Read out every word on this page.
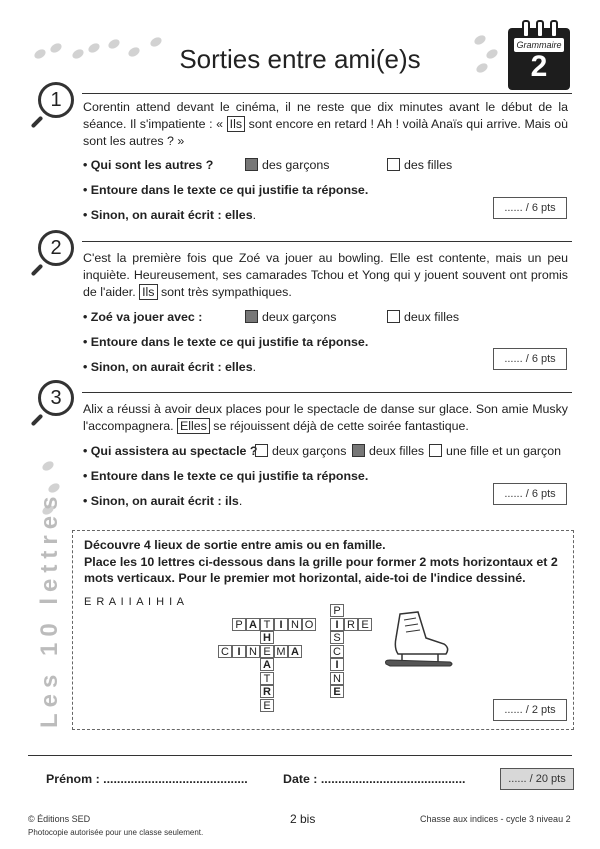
Sorties entre ami(e)s	Grammaire
2
1	Corentin attend devant le cinéma, il ne reste que dix minutes avant le début de la séance. Il s'impatiente : « Ils sont encore en retard ! Ah ! voilà Anaïs qui arrive. Mais où sont les autres ? »
• Qui sont les autres ?	des garçons	des filles
• Entoure dans le texte ce qui justifie ta réponse.
• Sinon, on aurait écrit : elles.	...... / 6 pts
2	C'est la première fois que Zoé va jouer au bowling. Elle est contente, mais un peu inquiète. Heureusement, ses camarades Tchou et Yong qui y jouent souvent ont promis de l'aider. Ils sont très sympathiques.
• Zoé va jouer avec :	deux garçons	deux filles
• Entoure dans le texte ce qui justifie ta réponse.
• Sinon, on aurait écrit : elles.
...... / 6 pts
3	Alix a réussi à avoir deux places pour le spectacle de danse sur glace. Son amie Musky l'accompagnera. Elles se réjouissent déjà de cette soirée fantastique.
• Qui assistera au spectacle ?	deux garçons	deux filles	une fille et un garçon
• Entoure dans le texte ce qui justifie ta réponse.
• Sinon, on aurait écrit : ils.	...... / 6 pts
Les 10 lettres Découvre 4 lieux de sortie entre amis ou en famille.
Place les 10 lettres ci-dessous dans la grille pour former 2 mots horizontaux et 2 mots verticaux. Pour le premier mot horizontal, aide-toi de l'indice dessiné.
E R A I I A I H I A
P
P A T I N O	I R E
H	S
C I N E M A	C
A	I
T	N
R	E
E	...... / 2 pts
Prénom : ..........................................	Date : ..........................................	...... / 20 pts
© Éditions SED
Photocopie autorisée pour une classe seulement.
2 bis	Chasse aux indices - cycle 3 niveau 2
